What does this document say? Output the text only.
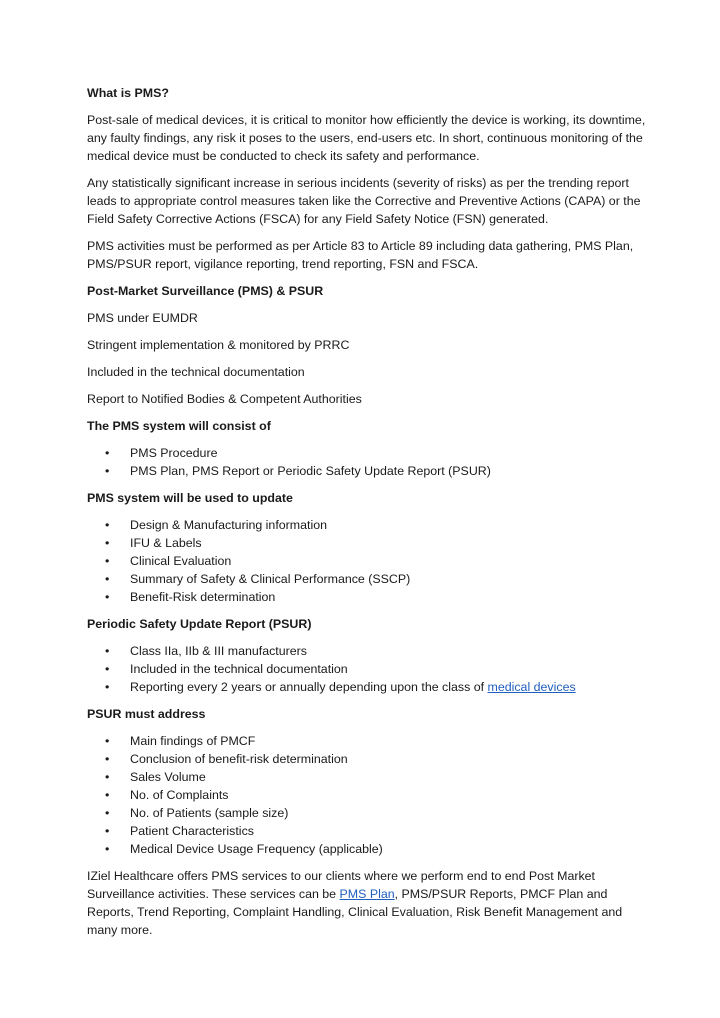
What is PMS?

Post-sale of medical devices, it is critical to monitor how efficiently the device is working, its downtime, any faulty findings, any risk it poses to the users, end-users etc. In short, continuous monitoring of the medical device must be conducted to check its safety and performance.

Any statistically significant increase in serious incidents (severity of risks) as per the trending report leads to appropriate control measures taken like the Corrective and Preventive Actions (CAPA) or the Field Safety Corrective Actions (FSCA) for any Field Safety Notice (FSN) generated.

PMS activities must be performed as per Article 83 to Article 89 including data gathering, PMS Plan, PMS/PSUR report, vigilance reporting, trend reporting, FSN and FSCA.

Post-Market Surveillance (PMS) & PSUR

PMS under EUMDR

Stringent implementation & monitored by PRRC

Included in the technical documentation

Report to Notified Bodies & Competent Authorities

The PMS system will consist of

• PMS Procedure
• PMS Plan, PMS Report or Periodic Safety Update Report (PSUR)

PMS system will be used to update

• Design & Manufacturing information
• IFU & Labels
• Clinical Evaluation
• Summary of Safety & Clinical Performance (SSCP)
• Benefit-Risk determination

Periodic Safety Update Report (PSUR)

• Class IIa, IIb & III manufacturers
• Included in the technical documentation
• Reporting every 2 years or annually depending upon the class of medical devices

PSUR must address

• Main findings of PMCF
• Conclusion of benefit-risk determination
• Sales Volume
• No. of Complaints
• No. of Patients (sample size)
• Patient Characteristics
• Medical Device Usage Frequency (applicable)

IZiel Healthcare offers PMS services to our clients where we perform end to end Post Market Surveillance activities. These services can be PMS Plan, PMS/PSUR Reports, PMCF Plan and Reports, Trend Reporting, Complaint Handling, Clinical Evaluation, Risk Benefit Management and many more.
